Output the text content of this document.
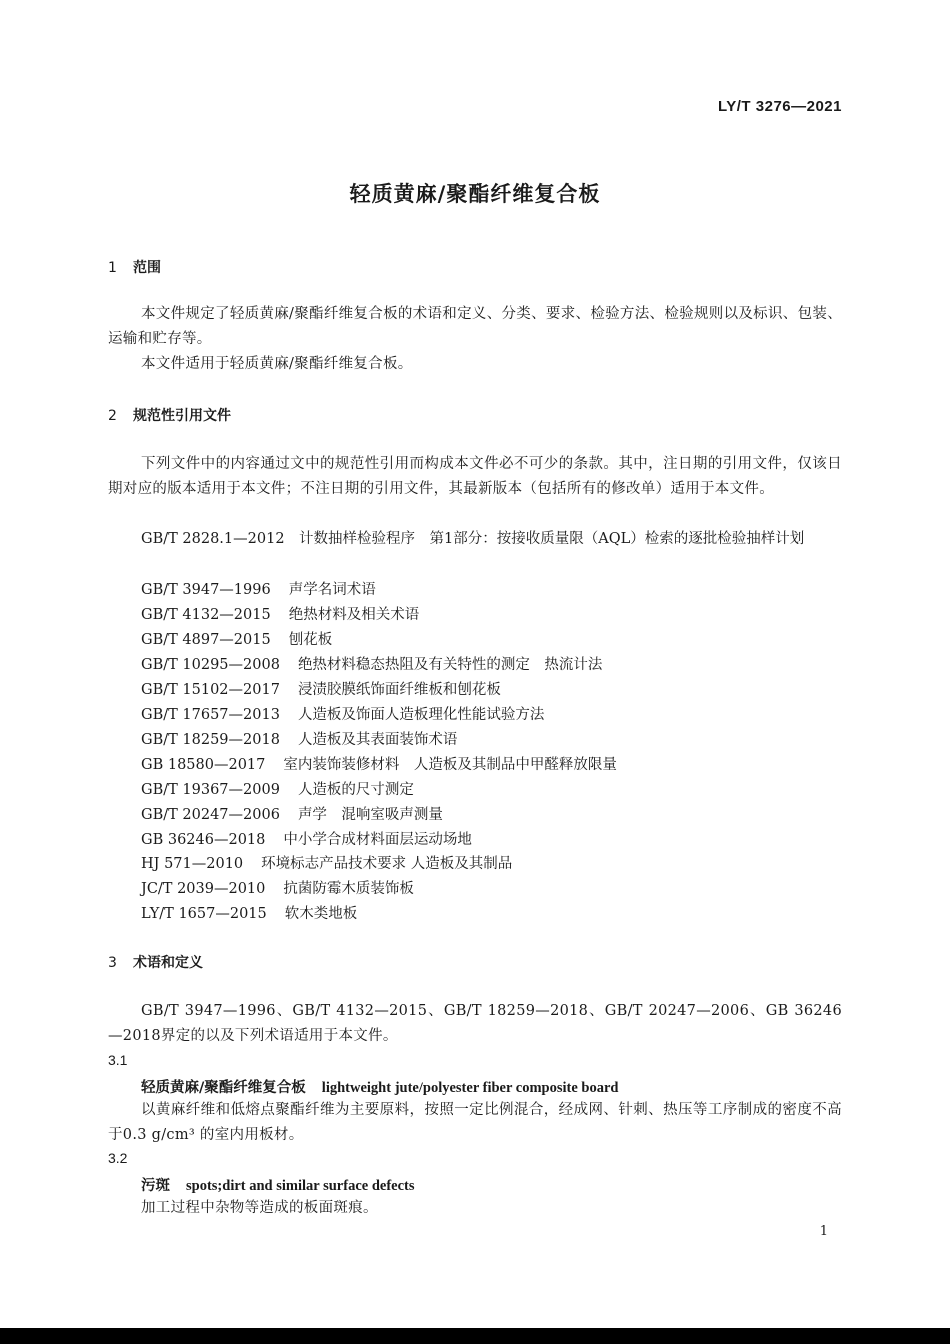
LY/T 3276—2021
轻质黄麻/聚酯纤维复合板
1 范围
本文件规定了轻质黄麻/聚酯纤维复合板的术语和定义、分类、要求、检验方法、检验规则以及标识、包装、运输和贮存等。
本文件适用于轻质黄麻/聚酯纤维复合板。
2 规范性引用文件
下列文件中的内容通过文中的规范性引用而构成本文件必不可少的条款。其中，注日期的引用文件，仅该日期对应的版本适用于本文件；不注日期的引用文件，其最新版本（包括所有的修改单）适用于本文件。
GB/T 2828.1—2012　计数抽样检验程序　第1部分：按接收质量限（AQL）检索的逐批检验抽样计划
GB/T 3947—1996 声学名词术语
GB/T 4132—2015 绝热材料及相关术语
GB/T 4897—2015 刨花板
GB/T 10295—2008 绝热材料稳态热阻及有关特性的测定　热流计法
GB/T 15102—2017 浸渍胶膜纸饰面纤维板和刨花板
GB/T 17657—2013 人造板及饰面人造板理化性能试验方法
GB/T 18259—2018 人造板及其表面装饰术语
GB 18580—2017 室内装饰装修材料　人造板及其制品中甲醛释放限量
GB/T 19367—2009 人造板的尺寸测定
GB/T 20247—2006 声学　混响室吸声测量
GB 36246—2018 中小学合成材料面层运动场地
HJ 571—2010 环境标志产品技术要求 人造板及其制品
JC/T 2039—2010 抗菌防霉木质装饰板
LY/T 1657—2015 软木类地板
3 术语和定义
GB/T 3947—1996、GB/T 4132—2015、GB/T 18259—2018、GB/T 20247—2006、GB 36246—2018界定的以及下列术语适用于本文件。
3.1
轻质黄麻/聚酯纤维复合板 lightweight jute/polyester fiber composite board
以黄麻纤维和低熔点聚酯纤维为主要原料，按照一定比例混合，经成网、针刺、热压等工序制成的密度不高于0.3 g/cm³ 的室内用板材。
3.2
污斑 spots;dirt and similar surface defects
加工过程中杂物等造成的板面斑痕。
1
